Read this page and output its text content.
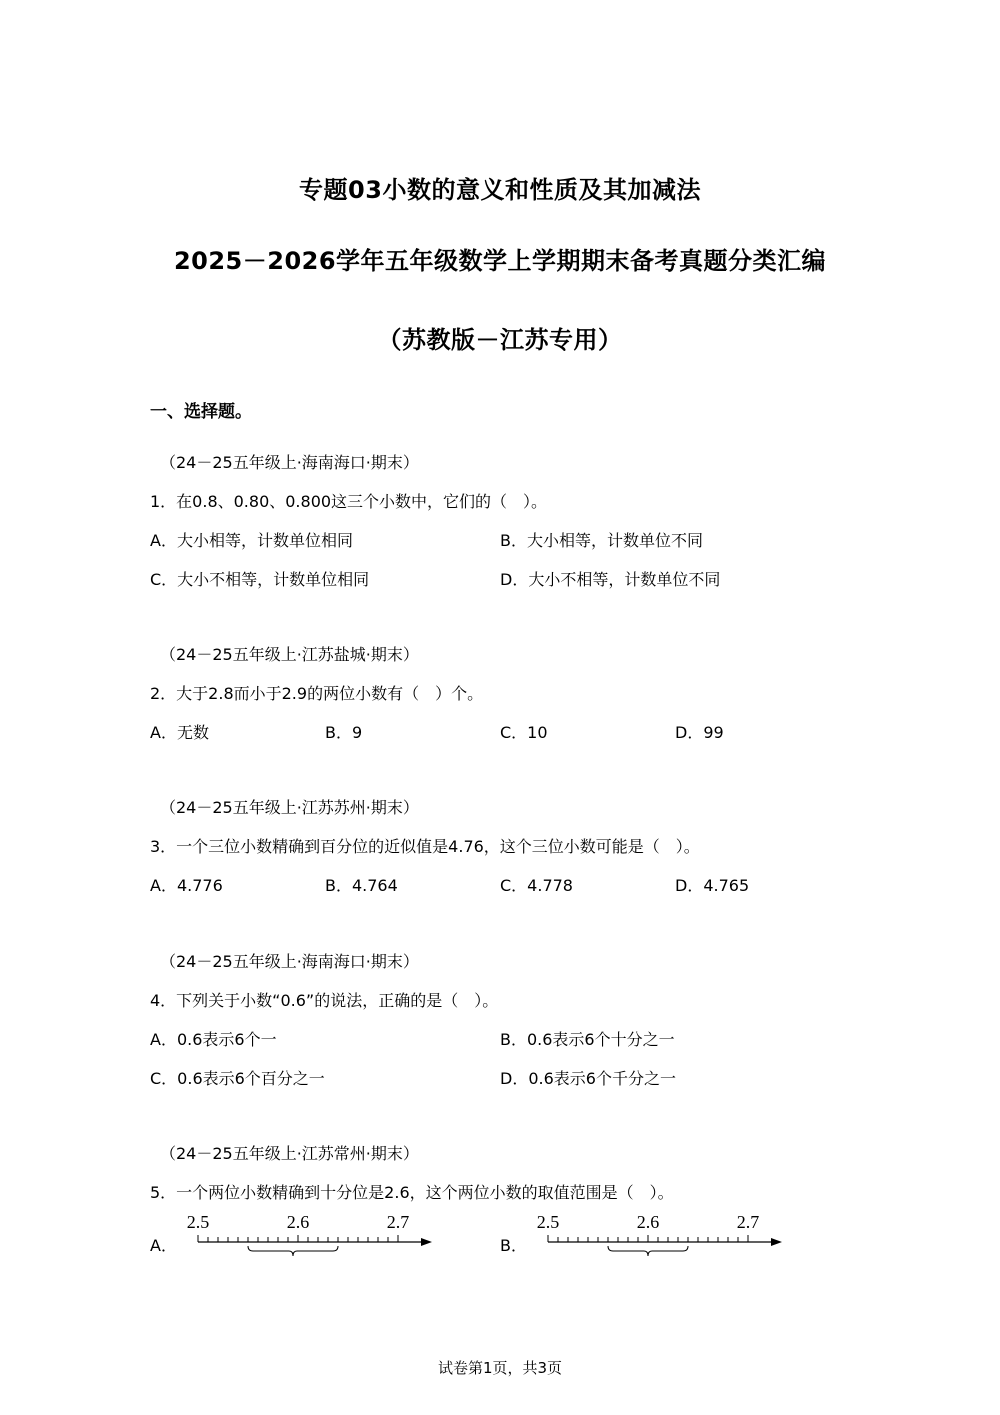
专题03小数的意义和性质及其加减法
2025－2026学年五年级数学上学期期末备考真题分类汇编
（苏教版－江苏专用）
一、选择题。
（24－25五年级上·海南海口·期末）
1．在0.8、0.80、0.800这三个小数中，它们的（　）。
A．大小相等，计数单位相同	B．大小相等，计数单位不同
C．大小不相等，计数单位相同	D．大小不相等，计数单位不同
（24－25五年级上·江苏盐城·期末）
2．大于2.8而小于2.9的两位小数有（　）个。
A．无数	B．9	C．10	D．99
（24－25五年级上·江苏苏州·期末）
3．一个三位小数精确到百分位的近似值是4.76，这个三位小数可能是（　）。
A．4.776	B．4.764	C．4.778	D．4.765
（24－25五年级上·海南海口·期末）
4．下列关于小数“0.6”的说法，正确的是（　）。
A．0.6表示6个一	B．0.6表示6个十分之一
C．0.6表示6个百分之一	D．0.6表示6个千分之一
（24－25五年级上·江苏常州·期末）
5．一个两位小数精确到十分位是2.6，这个两位小数的取值范围是（　）。
A．	B．
2.5	2.6	2.7	2.5	2.6	2.7
试卷第1页，共3页
